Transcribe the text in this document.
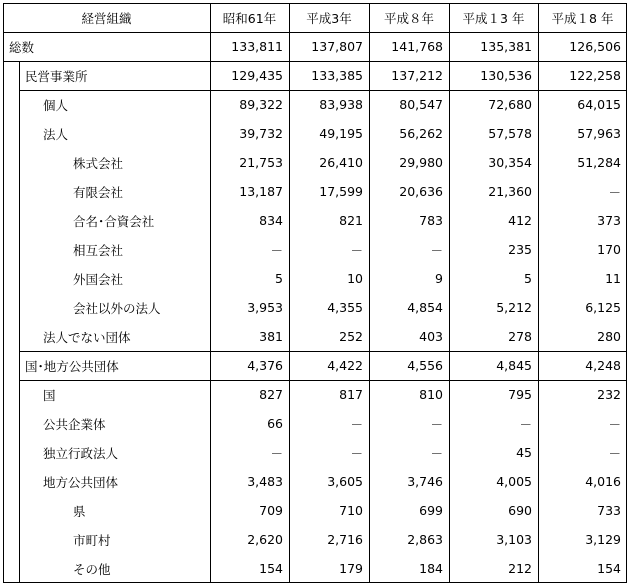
経営組織	昭和61年	平成3年	平成８年	平成１3 年	平成１8 年
総数	133,811	137,807	141,768	135,381	126,506
民営事業所	129,435	133,385	137,212	130,536	122,258
個人	89,322	83,938	80,547	72,680	64,015
法人	39,732	49,195	56,262	57,578	57,963
株式会社	21,753	26,410	29,980	30,354	51,284
有限会社	13,187	17,599	20,636	21,360	－
合名･合資会社	834	821	783	412	373
相互会社	－	－	－	235	170
外国会社	5	10	9	5	11
会社以外の法人	3,953	4,355	4,854	5,212	6,125
法人でない団体	381	252	403	278	280
国･地方公共団体	4,376	4,422	4,556	4,845	4,248
国	827	817	810	795	232
公共企業体	66	－	－	－	－
独立行政法人	－	－	－	45	－
地方公共団体	3,483	3,605	3,746	4,005	4,016
県	709	710	699	690	733
市町村	2,620	2,716	2,863	3,103	3,129
その他	154	179	184	212	154
